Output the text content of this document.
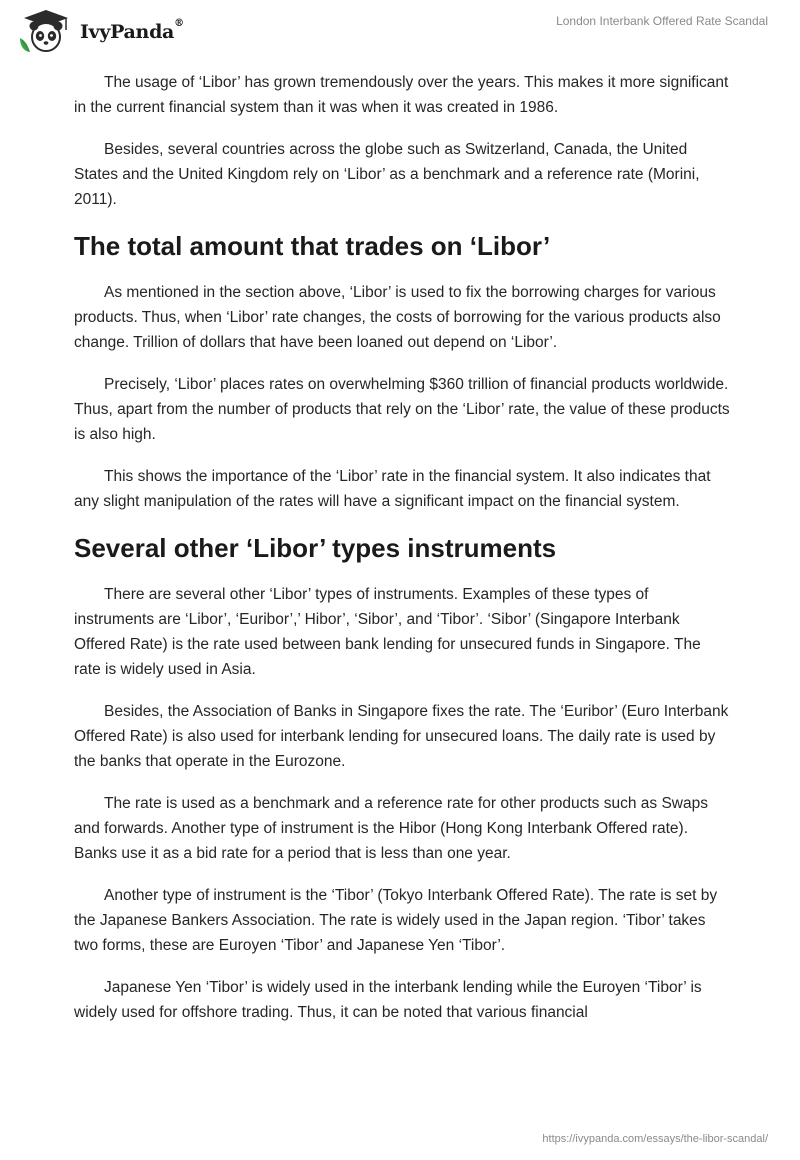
IvyPanda®	London Interbank Offered Rate Scandal

The usage of ‘Libor’ has grown tremendously over the years. This makes it more significant in the current financial system than it was when it was created in 1986.

Besides, several countries across the globe such as Switzerland, Canada, the United States and the United Kingdom rely on ‘Libor’ as a benchmark and a reference rate (Morini, 2011).

The total amount that trades on ‘Libor’

As mentioned in the section above, ‘Libor’ is used to fix the borrowing charges for various products. Thus, when ‘Libor’ rate changes, the costs of borrowing for the various products also change. Trillion of dollars that have been loaned out depend on ‘Libor’.

Precisely, ‘Libor’ places rates on overwhelming $360 trillion of financial products worldwide. Thus, apart from the number of products that rely on the ‘Libor’ rate, the value of these products is also high.

This shows the importance of the ‘Libor’ rate in the financial system. It also indicates that any slight manipulation of the rates will have a significant impact on the financial system.

Several other ‘Libor’ types instruments

There are several other ‘Libor’ types of instruments. Examples of these types of instruments are ‘Libor’, ‘Euribor’,’ Hibor’, ‘Sibor’, and ‘Tibor’. ‘Sibor’ (Singapore Interbank Offered Rate) is the rate used between bank lending for unsecured funds in Singapore. The rate is widely used in Asia.

Besides, the Association of Banks in Singapore fixes the rate. The ‘Euribor’ (Euro Interbank Offered Rate) is also used for interbank lending for unsecured loans. The daily rate is used by the banks that operate in the Eurozone.

The rate is used as a benchmark and a reference rate for other products such as Swaps and forwards. Another type of instrument is the Hibor (Hong Kong Interbank Offered rate). Banks use it as a bid rate for a period that is less than one year.

Another type of instrument is the ‘Tibor’ (Tokyo Interbank Offered Rate). The rate is set by the Japanese Bankers Association. The rate is widely used in the Japan region. ‘Tibor’ takes two forms, these are Euroyen ‘Tibor’ and Japanese Yen ‘Tibor’.

Japanese Yen ‘Tibor’ is widely used in the interbank lending while the Euroyen ‘Tibor’ is widely used for offshore trading. Thus, it can be noted that various financial

https://ivypanda.com/essays/the-libor-scandal/
